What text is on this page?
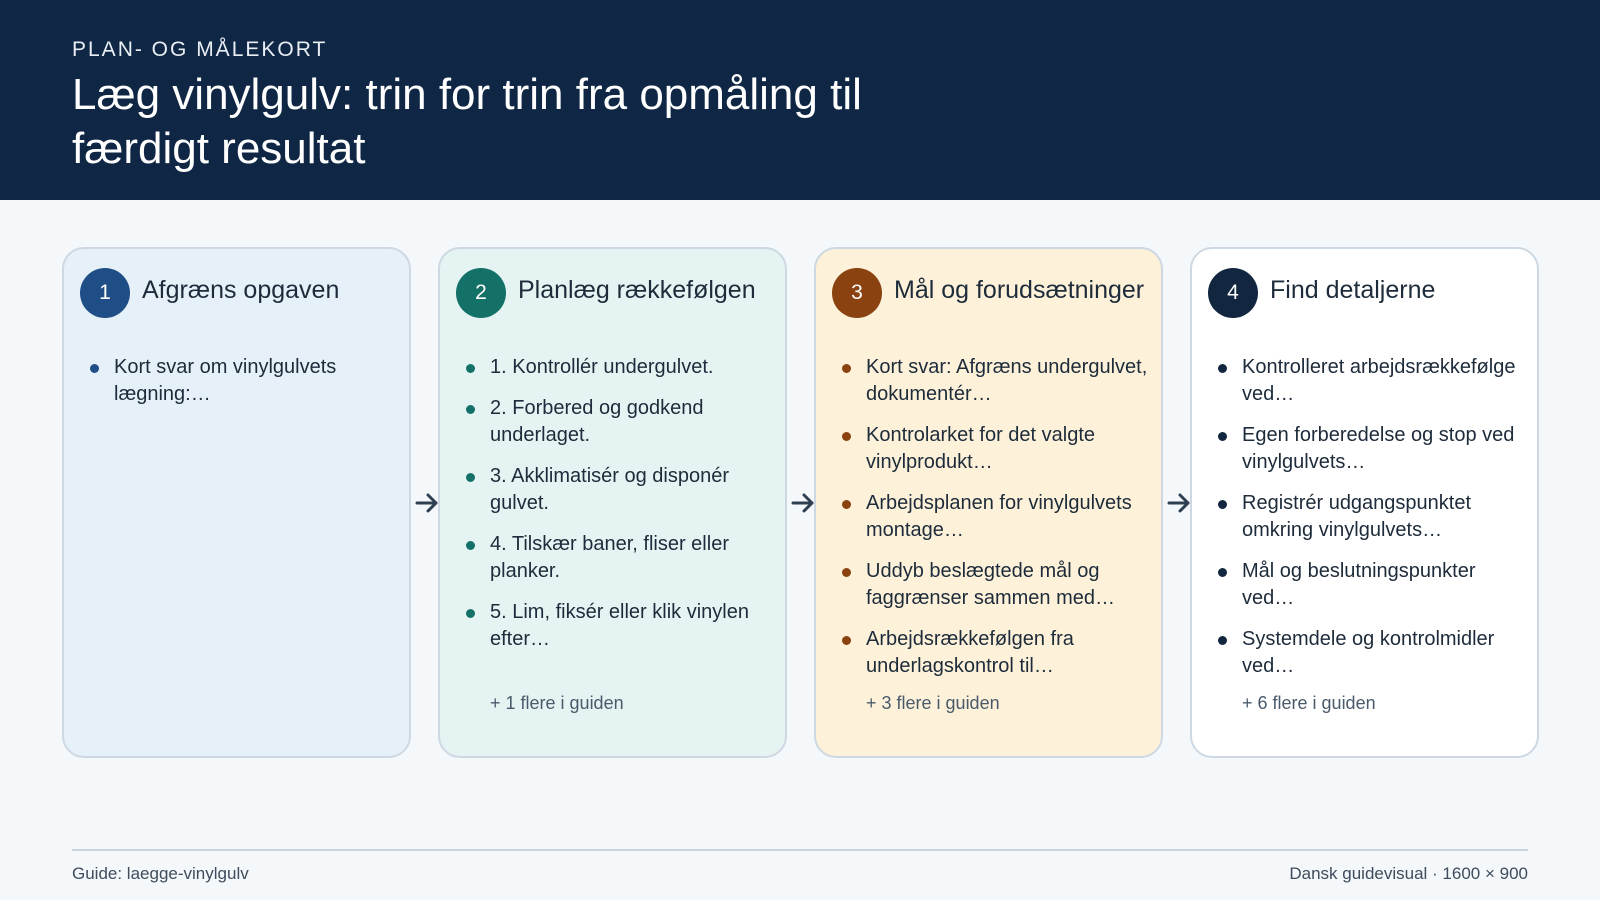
PLAN- OG MÅLEKORT
Læg vinylgulv: trin for trin fra opmåling til færdigt resultat
1	Afgræns opgaven
Kort svar om vinylgulvets lægning:…
2	Planlæg rækkefølgen
1. Kontrollér undergulvet.
2. Forbered og godkend underlaget.
3. Akklimatisér og disponér gulvet.
4. Tilskær baner, fliser eller planker.
5. Lim, fiksér eller klik vinylen efter…
+ 1 flere i guiden
3	Mål og forudsætninger
Kort svar: Afgræns undergulvet, dokumentér…
Kontrolarket for det valgte vinylprodukt…
Arbejdsplanen for vinylgulvets montage…
Uddyb beslægtede mål og faggrænser sammen med…
Arbejdsrækkefølgen fra underlagskontrol til…
+ 3 flere i guiden
4	Find detaljerne
Kontrolleret arbejdsrækkefølge ved…
Egen forberedelse og stop ved vinylgulvets…
Registrér udgangspunktet omkring vinylgulvets…
Mål og beslutningspunkter ved…
Systemdele og kontrolmidler ved…
+ 6 flere i guiden
Guide: laegge-vinylgulv	Dansk guidevisual · 1600 × 900
